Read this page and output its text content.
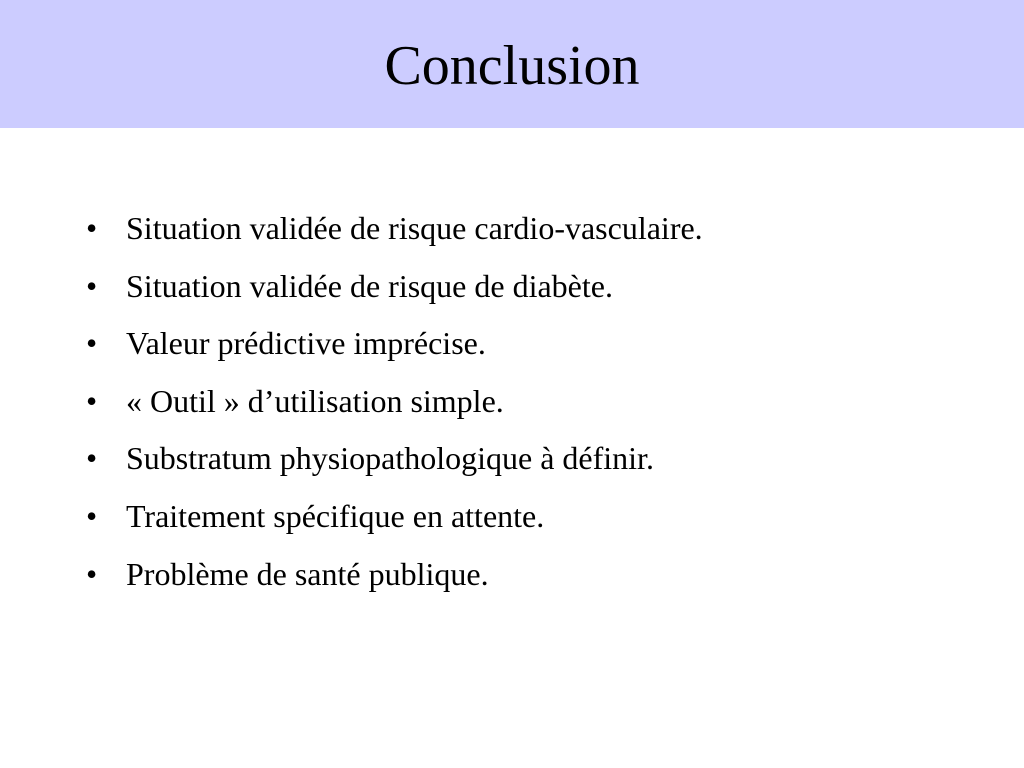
Conclusion
• Situation validée de risque cardio-vasculaire.
• Situation validée de risque de diabète.
• Valeur prédictive imprécise.
• « Outil » d’utilisation simple.
• Substratum physiopathologique à définir.
• Traitement spécifique en attente.
• Problème de santé publique.
